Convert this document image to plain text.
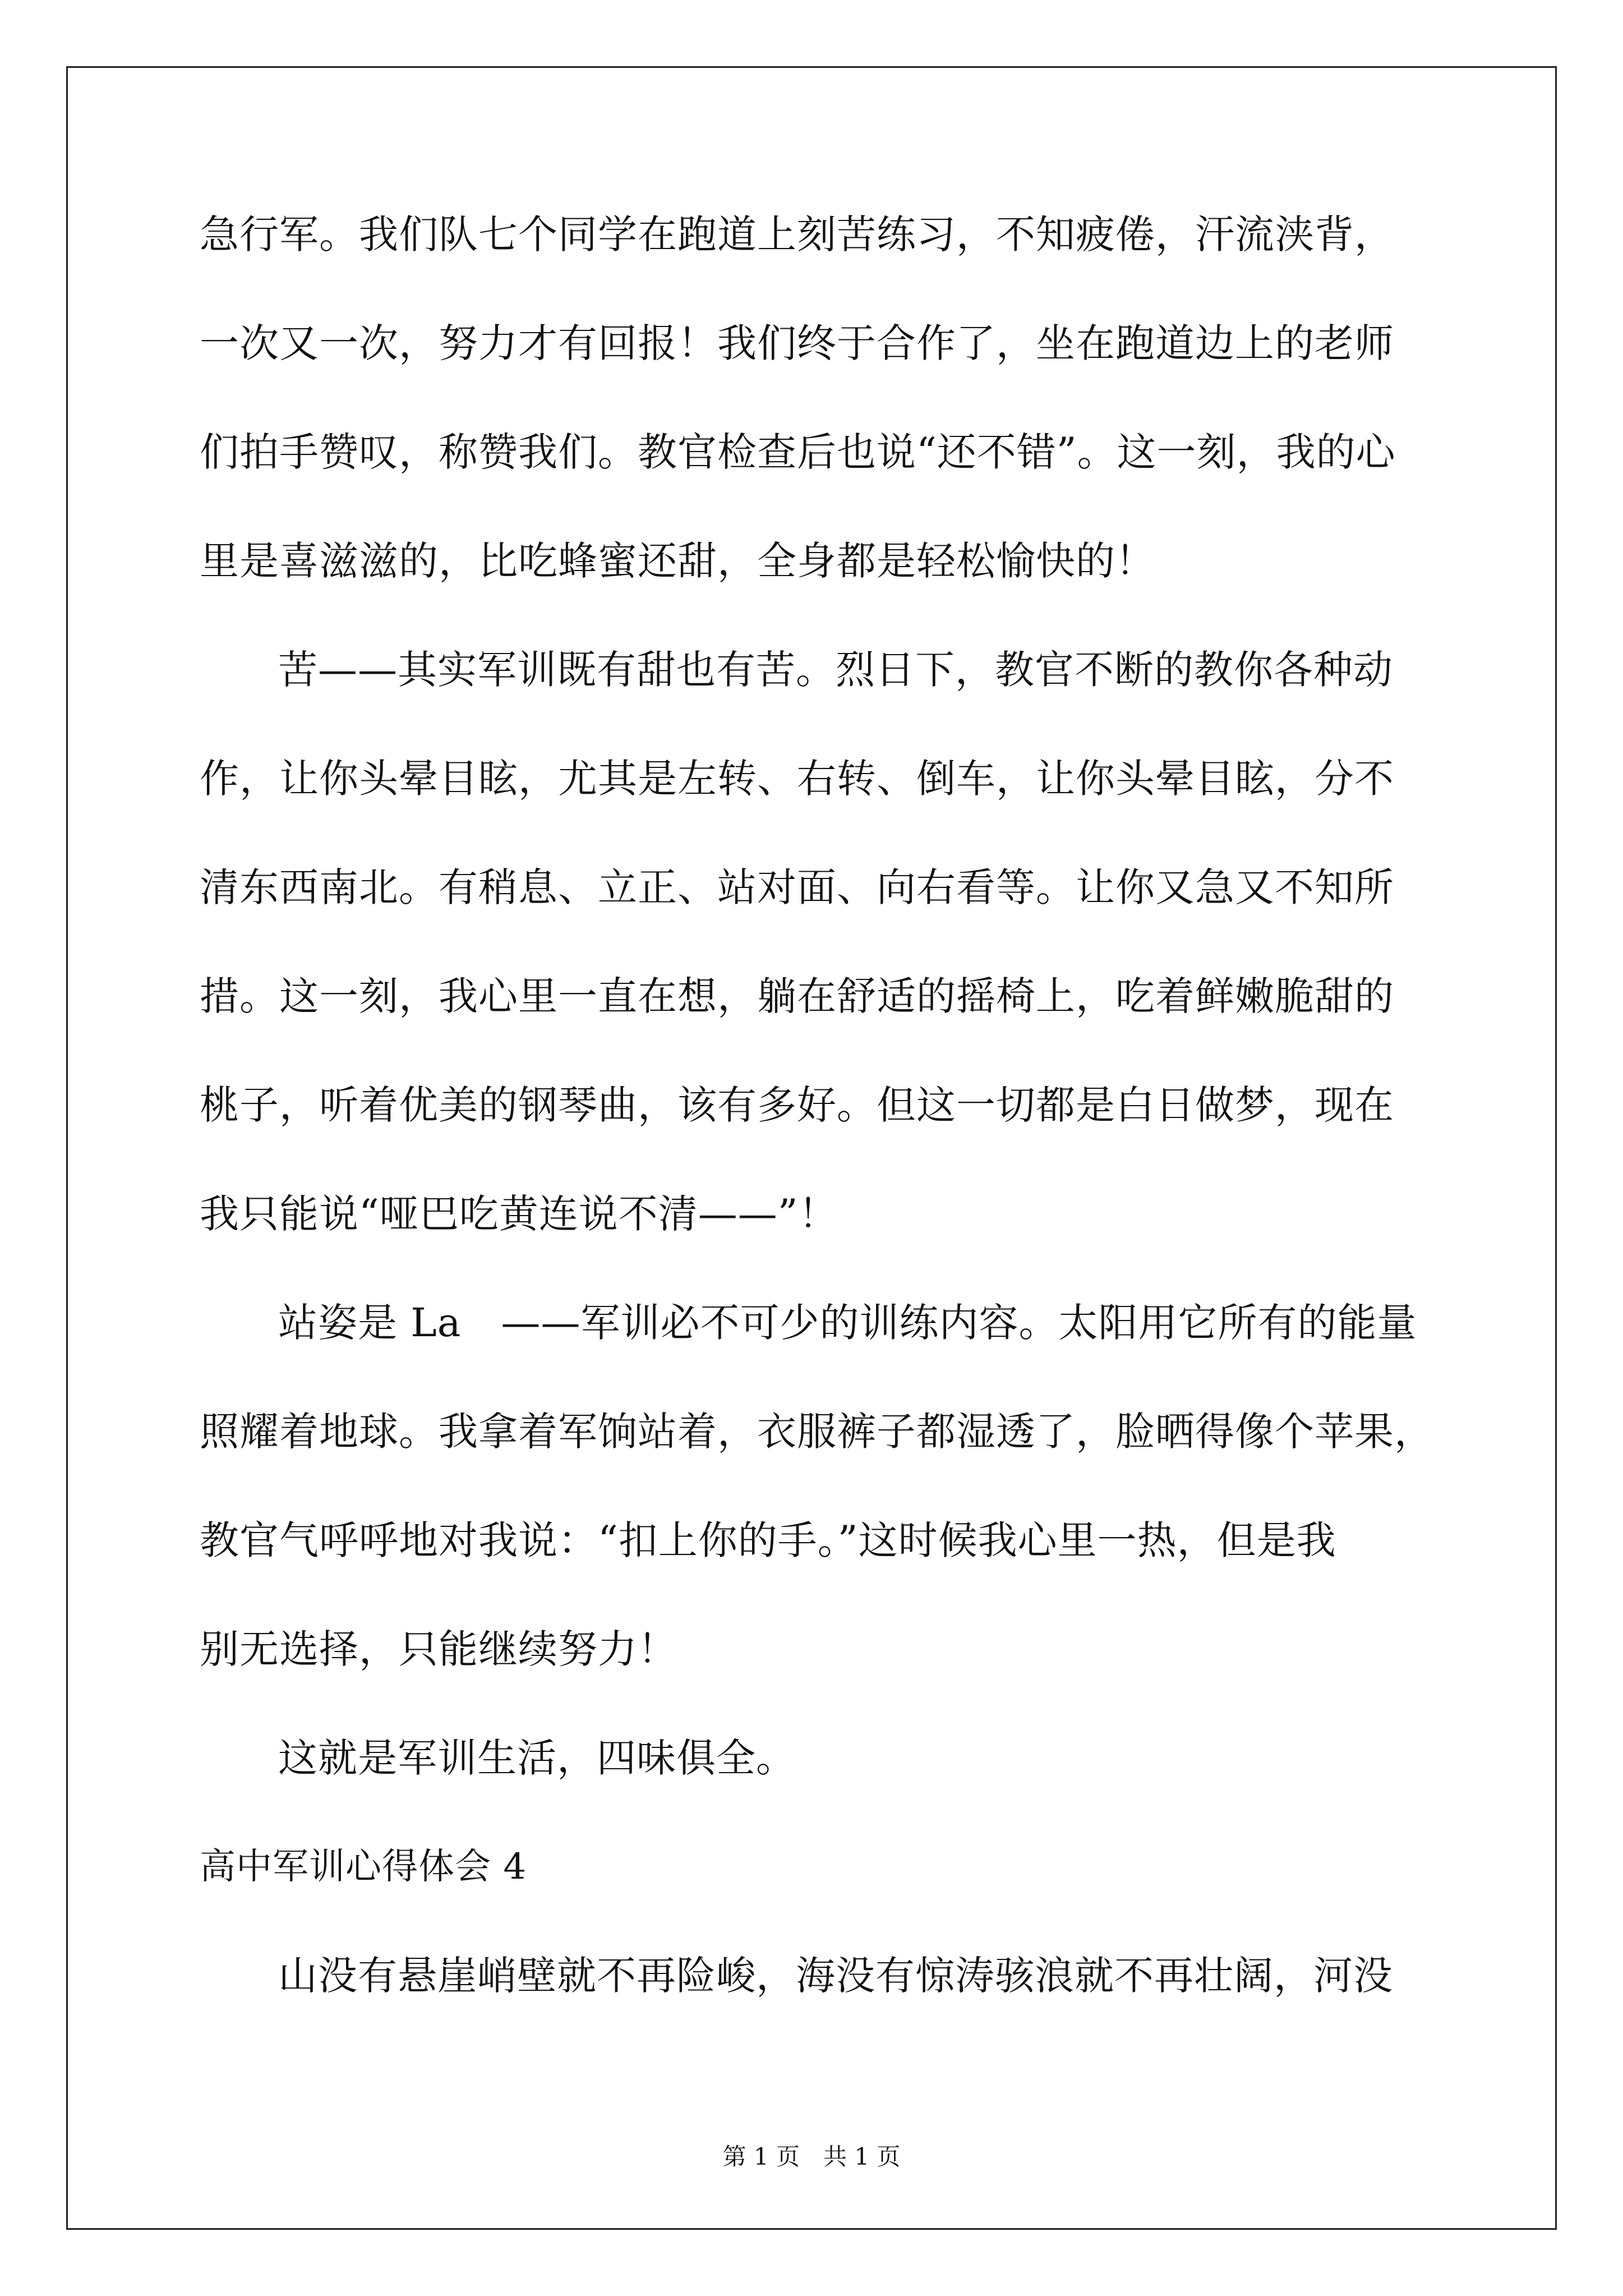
急行军。我们队七个同学在跑道上刻苦练习，不知疲倦，汗流浃背，
一次又一次，努力才有回报！我们终于合作了，坐在跑道边上的老师
们拍手赞叹，称赞我们。教官检查后也说“还不错”。这一刻，我的心
里是喜滋滋的，比吃蜂蜜还甜，全身都是轻松愉快的！
苦——其实军训既有甜也有苦。烈日下，教官不断的教你各种动
作，让你头晕目眩，尤其是左转、右转、倒车，让你头晕目眩，分不
清东西南北。有稍息、立正、站对面、向右看等。让你又急又不知所
措。这一刻，我心里一直在想，躺在舒适的摇椅上，吃着鲜嫩脆甜的
桃子，听着优美的钢琴曲，该有多好。但这一切都是白日做梦，现在
我只能说“哑巴吃黄连说不清——”！
站姿是 La　——军训必不可少的训练内容。太阳用它所有的能量
照耀着地球。我拿着军饷站着，衣服裤子都湿透了，脸晒得像个苹果，
教官气呼呼地对我说：“扣上你的手。”这时候我心里一热，但是我
别无选择，只能继续努力！
这就是军训生活，四味俱全。
高中军训心得体会 4
山没有悬崖峭壁就不再险峻，海没有惊涛骇浪就不再壮阔，河没
第 1 页　共 1 页
